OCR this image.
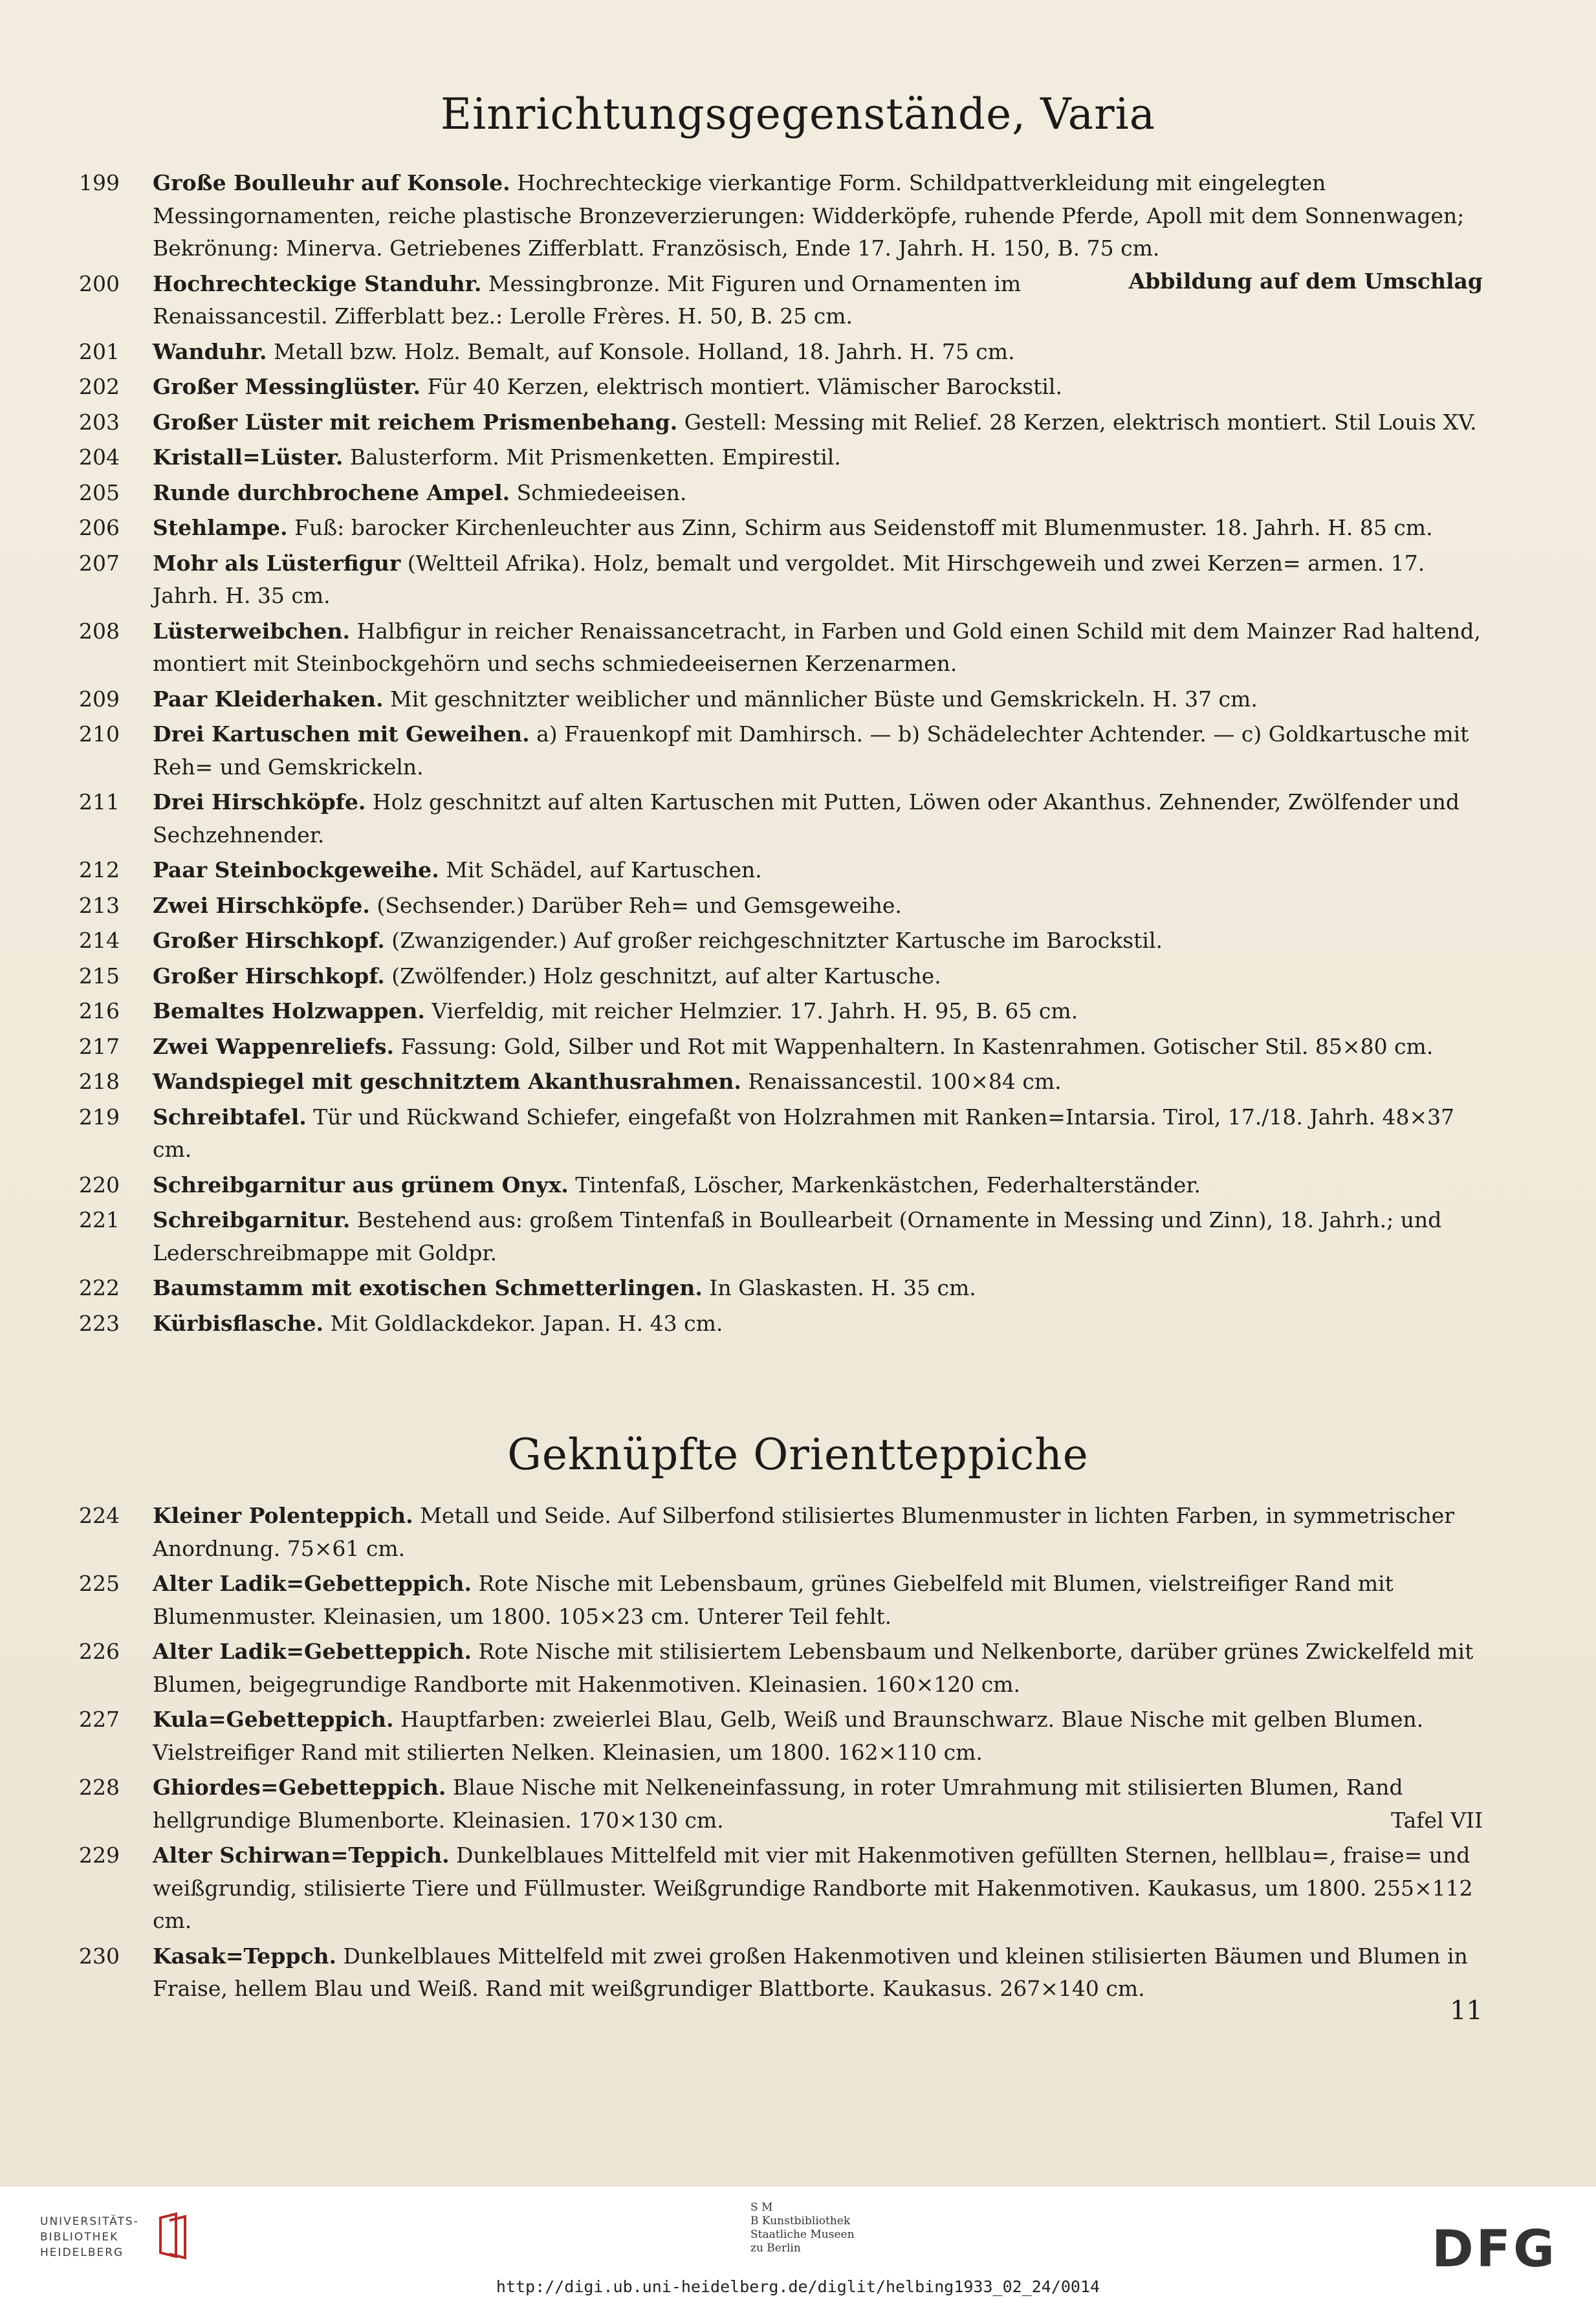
Einrichtungsgegenstände, Varia
199	Große Boulleuhr auf Konsole. Hochrechteckige vierkantige Form. Schildpattverkleidung mit eingelegten Messingornamenten, reiche plastische Bronzeverzierungen: Widderköpfe, ruhende Pferde, Apoll mit dem Sonnenwagen; Bekrönung: Minerva. Getriebenes Zifferblatt. Französisch, Ende 17. Jahrh. H. 150, B. 75 cm.
Abbildung auf dem Umschlag
200	Hochrechteckige Standuhr. Messingbronze. Mit Figuren und Ornamenten im Renaissancestil. Zifferblatt bez.: Lerolle Frères. H. 50, B. 25 cm.
201	Wanduhr. Metall bzw. Holz. Bemalt, auf Konsole. Holland, 18. Jahrh. H. 75 cm.
202	Großer Messinglüster. Für 40 Kerzen, elektrisch montiert. Vlämischer Barockstil.
203	Großer Lüster mit reichem Prismenbehang. Gestell: Messing mit Relief. 28 Kerzen, elektrisch montiert. Stil Louis XV.
204	Kristall=Lüster. Balusterform. Mit Prismenketten. Empirestil.
205	Runde durchbrochene Ampel. Schmiedeeisen.
206	Stehlampe. Fuß: barocker Kirchenleuchter aus Zinn, Schirm aus Seidenstoff mit Blumenmuster. 18. Jahrh. H. 85 cm.
207	Mohr als Lüsterfigur (Weltteil Afrika). Holz, bemalt und vergoldet. Mit Hirschgeweih und zwei Kerzen= armen. 17. Jahrh. H. 35 cm.
208	Lüsterweibchen. Halbfigur in reicher Renaissancetracht, in Farben und Gold einen Schild mit dem Mainzer Rad haltend, montiert mit Steinbockgehörn und sechs schmiedeeisernen Kerzenarmen.
209	Paar Kleiderhaken. Mit geschnitzter weiblicher und männlicher Büste und Gemskrickeln. H. 37 cm.
210	Drei Kartuschen mit Geweihen. a) Frauenkopf mit Damhirsch. — b) Schädelechter Achtender. — c) Goldkartusche mit Reh= und Gemskrickeln.
211	Drei Hirschköpfe. Holz geschnitzt auf alten Kartuschen mit Putten, Löwen oder Akanthus. Zehnender, Zwölfender und Sechzehnender.
212	Paar Steinbockgeweihe. Mit Schädel, auf Kartuschen.
213	Zwei Hirschköpfe. (Sechsender.) Darüber Reh= und Gemsgeweihe.
214	Großer Hirschkopf. (Zwanzigender.) Auf großer reichgeschnitzter Kartusche im Barockstil.
215	Großer Hirschkopf. (Zwölfender.) Holz geschnitzt, auf alter Kartusche.
216	Bemaltes Holzwappen. Vierfeldig, mit reicher Helmzier. 17. Jahrh. H. 95, B. 65 cm.
217	Zwei Wappenreliefs. Fassung: Gold, Silber und Rot mit Wappenhaltern. In Kastenrahmen. Gotischer Stil. 85×80 cm.
218	Wandspiegel mit geschnitztem Akanthusrahmen. Renaissancestil. 100×84 cm.
219	Schreibtafel. Tür und Rückwand Schiefer, eingefaßt von Holzrahmen mit Ranken=Intarsia. Tirol, 17./18. Jahrh. 48×37 cm.
220	Schreibgarnitur aus grünem Onyx. Tintenfaß, Löscher, Markenkästchen, Federhalterständer.
221	Schreibgarnitur. Bestehend aus: großem Tintenfaß in Boullearbeit (Ornamente in Messing und Zinn), 18. Jahrh.; und Lederschreibmappe mit Goldpr.
222	Baumstamm mit exotischen Schmetterlingen. In Glaskasten. H. 35 cm.
223	Kürbisflasche. Mit Goldlackdekor. Japan. H. 43 cm.
Geknüpfte Orientteppiche
224	Kleiner Polenteppich. Metall und Seide. Auf Silberfond stilisiertes Blumenmuster in lichten Farben, in symmetrischer Anordnung. 75×61 cm.
225	Alter Ladik=Gebetteppich. Rote Nische mit Lebensbaum, grünes Giebelfeld mit Blumen, vielstreifiger Rand mit Blumenmuster. Kleinasien, um 1800. 105×23 cm. Unterer Teil fehlt.
226	Alter Ladik=Gebetteppich. Rote Nische mit stilisiertem Lebensbaum und Nelkenborte, darüber grünes Zwickelfeld mit Blumen, beigegrundige Randborte mit Hakenmotiven. Kleinasien. 160×120 cm.
227	Kula=Gebetteppich. Hauptfarben: zweierlei Blau, Gelb, Weiß und Braunschwarz. Blaue Nische mit gelben Blumen. Vielstreifiger Rand mit stilierten Nelken. Kleinasien, um 1800. 162×110 cm.
228	Ghiordes=Gebetteppich. Blaue Nische mit Nelkeneinfassung, in roter Umrahmung mit stilisierten Blumen, Rand hellgrundige Blumenborte. Kleinasien. 170×130 cm.	Tafel VII
229	Alter Schirwan=Teppich. Dunkelblaues Mittelfeld mit vier mit Hakenmotiven gefüllten Sternen, hellblau=, fraise= und weißgrundig, stilisierte Tiere und Füllmuster. Weißgrundige Randborte mit Hakenmotiven. Kaukasus, um 1800. 255×112 cm.
230	Kasak=Teppch. Dunkelblaues Mittelfeld mit zwei großen Hakenmotiven und kleinen stilisierten Bäumen und Blumen in Fraise, hellem Blau und Weiß. Rand mit weißgrundiger Blattborte. Kaukasus. 267×140 cm.
11
UNIVERSITÄTS-
BIBLIOTHEK
HEIDELBERG
S M
B Kunstbibliothek
Staatliche Museen
zu Berlin	DFG
http://digi.ub.uni-heidelberg.de/diglit/helbing1933_02_24/0014
